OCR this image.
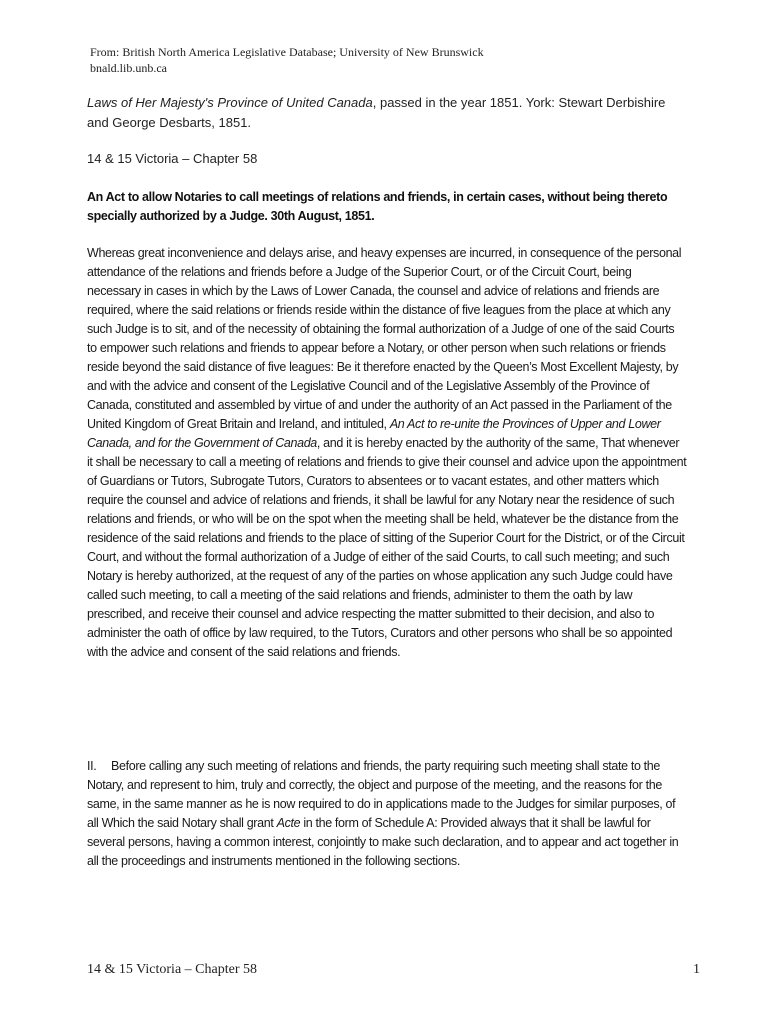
From: British North America Legislative Database; University of New Brunswick
bnald.lib.unb.ca
Laws of Her Majesty's Province of United Canada, passed in the year 1851. York: Stewart Derbishire and George Desbarts, 1851.
14 & 15 Victoria – Chapter 58
An Act to allow Notaries to call meetings of relations and friends, in certain cases, without being thereto specially authorized by a Judge. 30th August, 1851.
Whereas great inconvenience and delays arise, and heavy expenses are incurred, in consequence of the personal attendance of the relations and friends before a Judge of the Superior Court, or of the Circuit Court, being necessary in cases in which by the Laws of Lower Canada, the counsel and advice of relations and friends are required, where the said relations or friends reside within the distance of five leagues from the place at which any such Judge is to sit, and of the necessity of obtaining the formal authorization of a Judge of one of the said Courts to empower such relations and friends to appear before a Notary, or other person when such relations or friends reside beyond the said distance of five leagues: Be it therefore enacted by the Queen’s Most Excellent Majesty, by and with the advice and consent of the Legislative Council and of the Legislative Assembly of the Province of Canada, constituted and assembled by virtue of and under the authority of an Act passed in the Parliament of the United Kingdom of Great Britain and Ireland, and intituled, An Act to re-unite the Provinces of Upper and Lower Canada, and for the Government of Canada, and it is hereby enacted by the authority of the same, That whenever it shall be necessary to call a meeting of relations and friends to give their counsel and advice upon the appointment of Guardians or Tutors, Subrogate Tutors, Curators to absentees or to vacant estates, and other matters which require the counsel and advice of relations and friends, it shall be lawful for any Notary near the residence of such relations and friends, or who will be on the spot when the meeting shall be held, whatever be the distance from the residence of the said relations and friends to the place of sitting of the Superior Court for the District, or of the Circuit Court, and without the formal authorization of a Judge of either of the said Courts, to call such meeting; and such Notary is hereby authorized, at the request of any of the parties on whose application any such Judge could have called such meeting, to call a meeting of the said relations and friends, administer to them the oath by law prescribed, and receive their counsel and advice respecting the matter submitted to their decision, and also to administer the oath of office by law required, to the Tutors, Curators and other persons who shall be so appointed with the advice and consent of the said relations and friends.
II. Before calling any such meeting of relations and friends, the party requiring such meeting shall state to the Notary, and represent to him, truly and correctly, the object and purpose of the meeting, and the reasons for the same, in the same manner as he is now required to do in applications made to the Judges for similar purposes, of all Which the said Notary shall grant Acte in the form of Schedule A: Provided always that it shall be lawful for several persons, having a common interest, conjointly to make such declaration, and to appear and act together in all the proceedings and instruments mentioned in the following sections.
14 & 15 Victoria – Chapter 58	1
